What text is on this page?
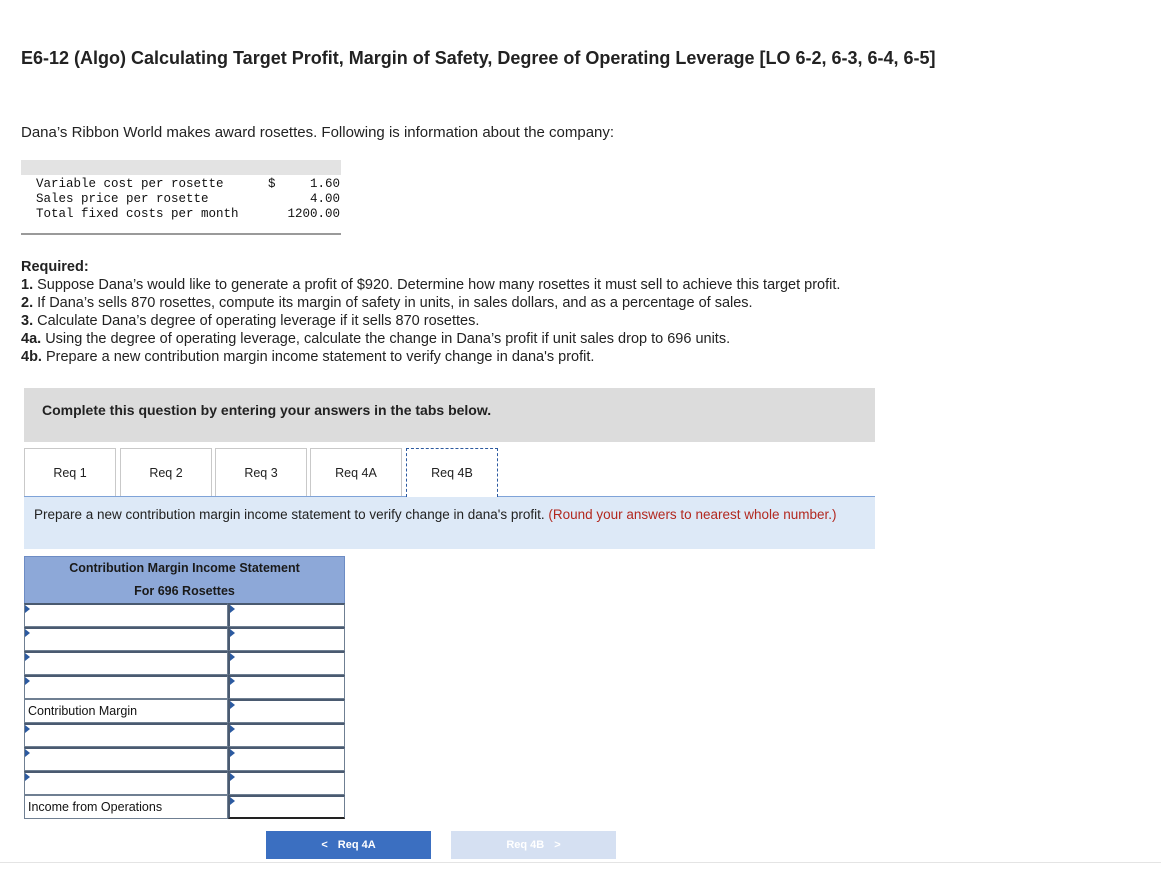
E6-12 (Algo) Calculating Target Profit, Margin of Safety, Degree of Operating Leverage [LO 6-2, 6-3, 6-4, 6-5]
Dana’s Ribbon World makes award rosettes. Following is information about the company:
Variable cost per rosette	$	1.60
Sales price per rosette		4.00
Total fixed costs per month		1200.00
Required:
1. Suppose Dana’s would like to generate a profit of $920. Determine how many rosettes it must sell to achieve this target profit.
2. If Dana’s sells 870 rosettes, compute its margin of safety in units, in sales dollars, and as a percentage of sales.
3. Calculate Dana’s degree of operating leverage if it sells 870 rosettes.
4a. Using the degree of operating leverage, calculate the change in Dana’s profit if unit sales drop to 696 units.
4b. Prepare a new contribution margin income statement to verify change in dana's profit.
Complete this question by entering your answers in the tabs below.
Req 1	Req 2	Req 3	Req 4A	Req 4B
Prepare a new contribution margin income statement to verify change in dana's profit. (Round your answers to nearest whole number.)
Contribution Margin Income Statement
For 696 Rosettes
Contribution Margin
Income from Operations
< Req 4A	Req 4B >
